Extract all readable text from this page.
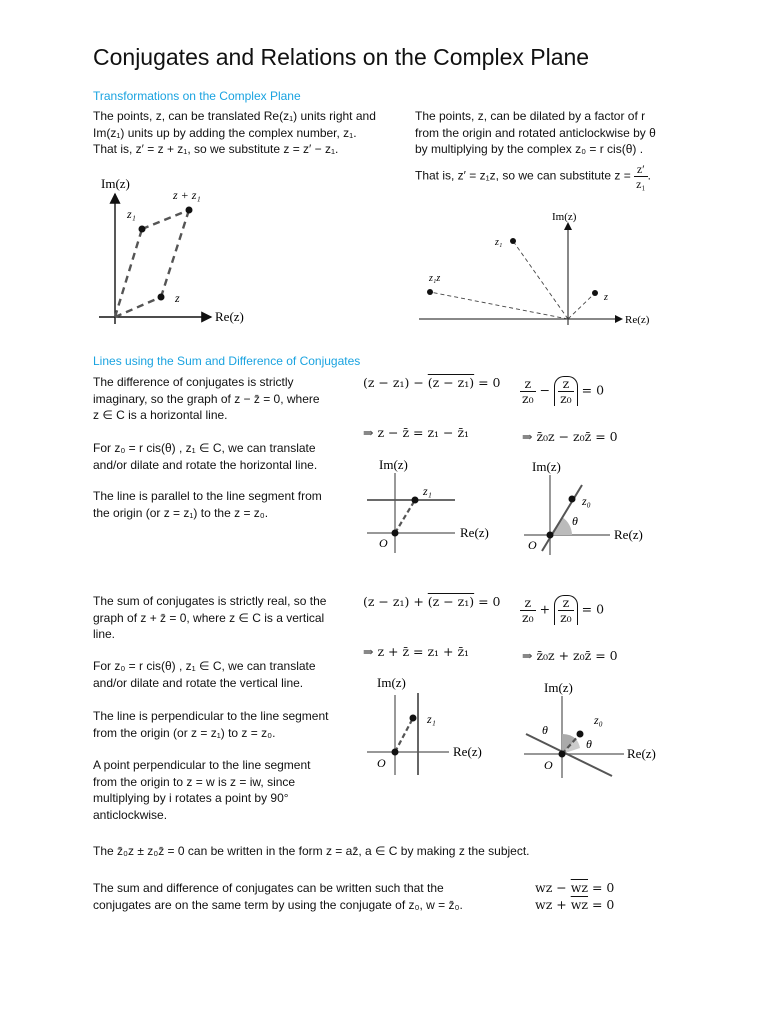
Conjugates and Relations on the Complex Plane
Transformations on the Complex Plane
The points, z, can be translated Re(z₁) units right and
Im(z₁) units up by adding the complex number, z₁.
That is, z′ = z + z₁, so we substitute z = z′ − z₁.
The points, z, can be dilated by a factor of r
from the origin and rotated anticlockwise by θ
by multiplying by the complex z₀ = r cis(θ) .
That is, z′ = z₁z, so we can substitute $z = \frac{z'}{\text{z₁}}$ .
Im(z)
Re(z)
z₁
z + z₁
z
Im(z)
Re(z)
z₁
z₁z
z
Lines using the Sum and Difference of Conjugates
The difference of conjugates is strictly
imaginary, so the graph of z − z̄ = 0, where
z ∈ C is a horizontal line.
For z₀ = r cis(θ) , z₁ ∈ C, we can translate
and/or dilate and rotate the horizontal line.
The line is parallel to the line segment from
the origin (or z = z₁) to the z = z₀.
(z − z₁) − (z − z₁) = 0
⇒ z − z̄ = z₁ − z̄₁
$\frac{z}{\text{z₀}} - \frac{z}{\text{z₀}} = 0$
⇒ z̄₀z − z₀z̄ = 0
Im(z)
Re(z)
O
z₁
Im(z)
Re(z)
O
z₀
θ
The sum of conjugates is strictly real, so the
graph of z + z̄ = 0, where z ∈ C is a vertical
line.
For z₀ = r cis(θ) , z₁ ∈ C, we can translate
and/or dilate and rotate the vertical line.
The line is perpendicular to the line segment
from the origin (or z = z₁) to z = z₀.
A point perpendicular to the line segment
from the origin to z = w is z = iw, since
multiplying by i rotates a point by 90°
anticlockwise.
(z − z₁) + (z − z₁) = 0
⇒ z + z̄ = z₁ + z̄₁
$\frac{z}{\text{z₀}} + \frac{z}{\text{z₀}} = 0$
⇒ z̄₀z + z₀z̄ = 0
Im(z)
Re(z)
O
z₁
Im(z)
Re(z)
O
z₀
θ
θ
The z̄₀z ± z₀z̄ = 0 can be written in the form z = az̄, a ∈ C by making z the subject.
The sum and difference of conjugates can be written such that the
conjugates are on the same term by using the conjugate of z₀, w = z̄₀.
wz − $\overline{wz} = 0$
wz + $\overline{wz} = 0$
